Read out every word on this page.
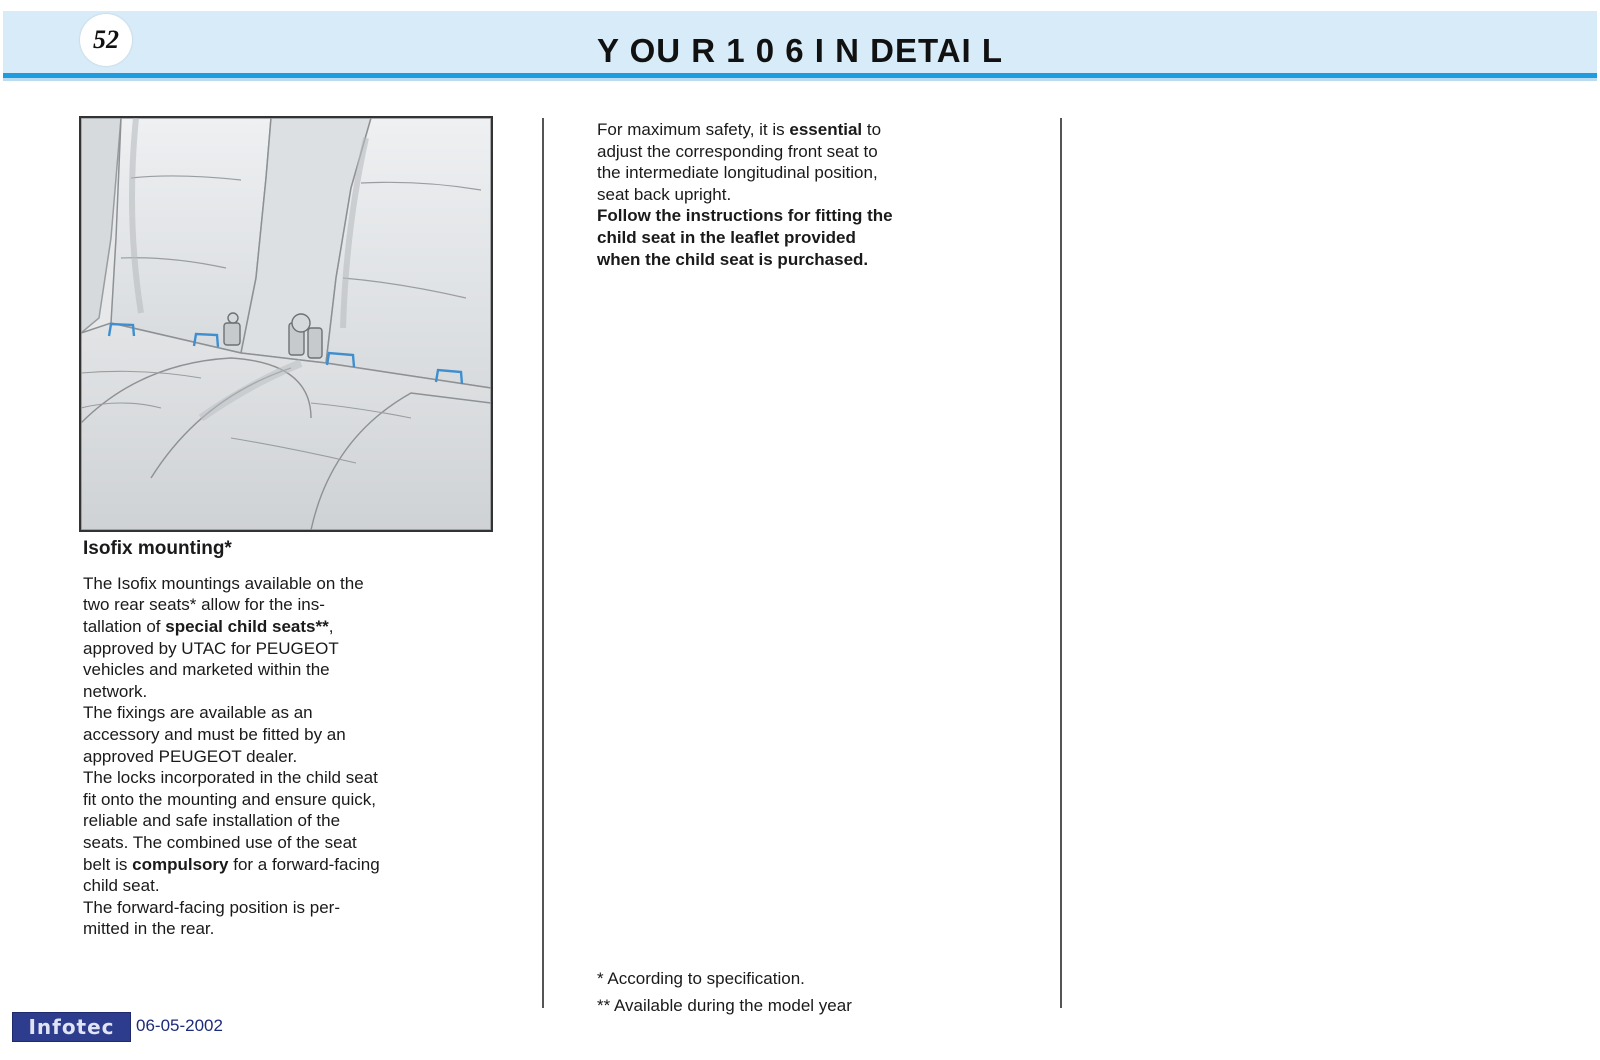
52	Y OU R 1 0 6 I N DETAI L
Isofix mounting*

The Isofix mountings available on the two rear seats* allow for the ins-tallation of special child seats**, approved by UTAC for PEUGEOT vehicles and marketed within the network.

The fixings are available as an accessory and must be fitted by an approved PEUGEOT dealer.

The locks incorporated in the child seat fit onto the mounting and ensure quick, reliable and safe installation of the seats. The combined use of the seat belt is compulsory for a forward-facing child seat.

The forward-facing position is per-mitted in the rear.

For maximum safety, it is essential to adjust the corresponding front seat to the intermediate longitudinal position, seat back upright.

Follow the instructions for fitting the child seat in the leaflet provided when the child seat is purchased.

* According to specification.

** Available during the model year

Infotec 06-05-2002
